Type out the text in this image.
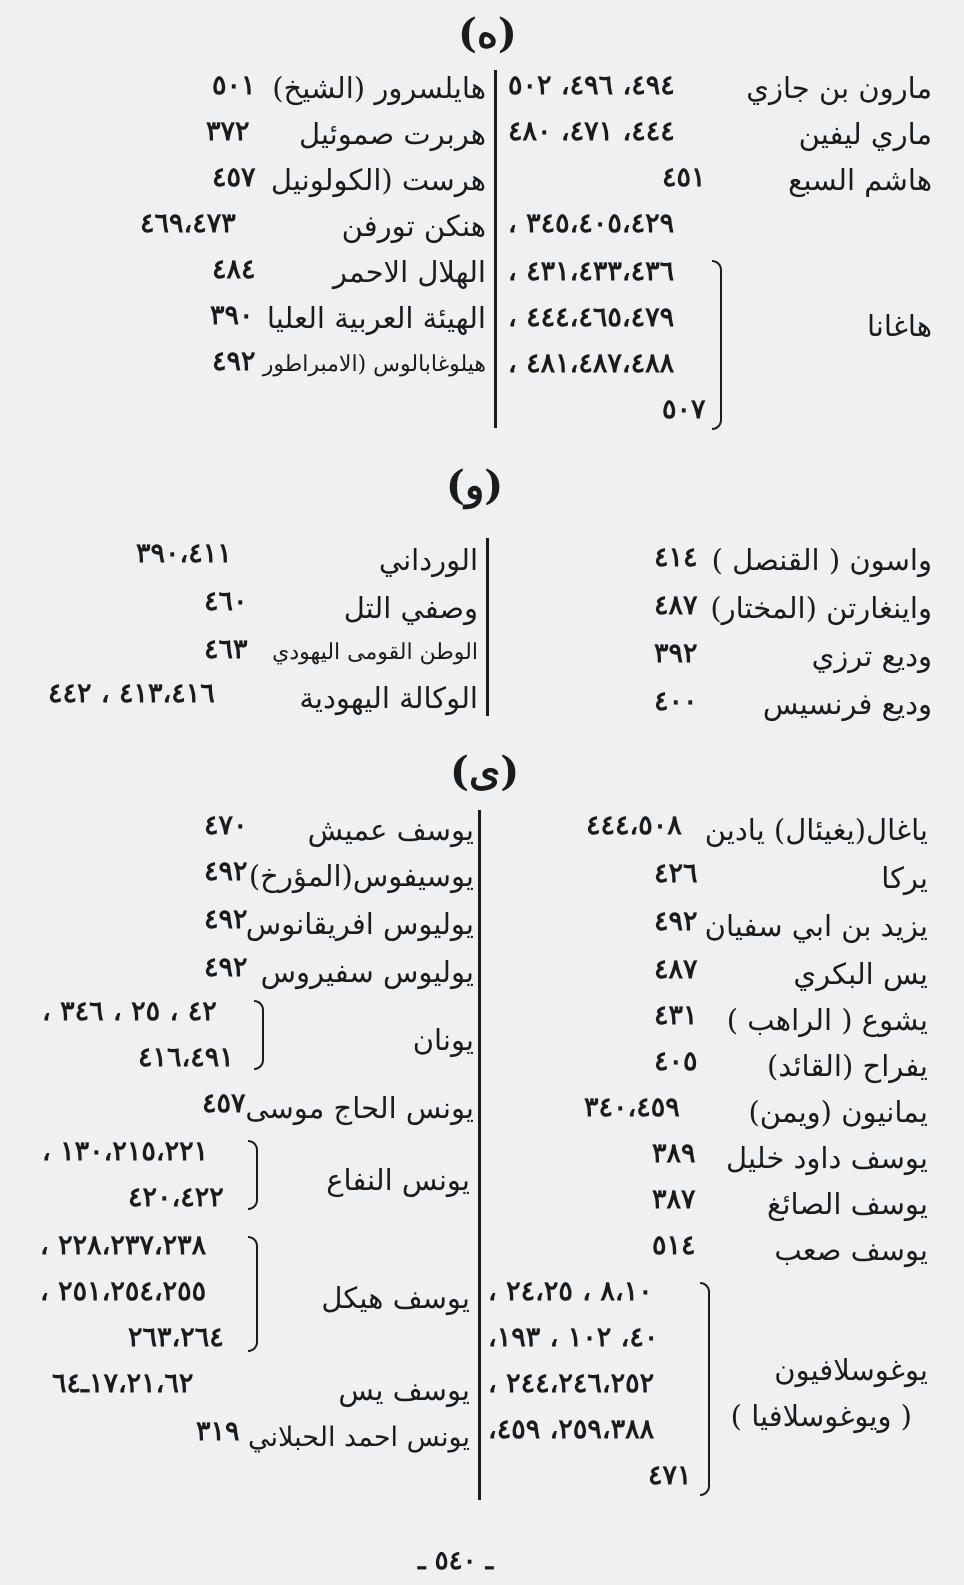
(ه)
مارون بن جازي
٤٩٤، ٤٩٦، ٥٠٢
ماري ليفين
٤٤٤، ٤٧١، ٤٨٠
هاشم السبع
٤٥١
٣٤٥،٤٠٥،٤٢٩ ،
هاغانا
٤٣١،٤٣٣،٤٣٦ ،
٤٤٤،٤٦٥،٤٧٩ ،
٤٨١،٤٨٧،٤٨٨ ،
٥٠٧
هايلسرور (الشيخ)
٥٠١
هربرت صموئيل
٣٧٢
هرست (الكولونيل
٤٥٧
هنكن تورفن
٤٦٩،٤٧٣
الهلال الاحمر
٤٨٤
الهيئة العربية العليا
٣٩٠
هيلوغابالوس (الامبراطور
٤٩٢
(و)
واسون ( القنصل )
٤١٤
واينغارتن (المختار)
٤٨٧
وديع ترزي
٣٩٢
وديع فرنسيس
٤٠٠
الورداني
٣٩٠،٤١١
وصفي التل
٤٦٠
الوطن القومى اليهودي
٤٦٣
الوكالة اليهودية
٤١٣،٤١٦ ، ٤٤٢
(ى)
ياغال(يغيئال) يادين
٤٤٤،٥٠٨
يركا
٤٢٦
يزيد بن ابي سفيان
٤٩٢
يس البكري
٤٨٧
يشوع ( الراهب )
٤٣١
يفراح (القائد)
٤٠٥
يمانيون (ويمن)
٣٤٠،٤٥٩
يوسف داود خليل
٣٨٩
يوسف الصائغ
٣٨٧
يوسف صعب
٥١٤
يوغوسلافيون
( ويوغوسلافيا )
٨،١٠ ، ٢٤،٢٥ ،
٤٠، ١٠٢ ، ١٩٣،
٢٤٤،٢٤٦،٢٥٢ ،
٢٥٩،٣٨٨، ٤٥٩،
٤٧١
يوسف عميش
٤٧٠
يوسيفوس(المؤرخ)
٤٩٢
يوليوس افريقانوس
٤٩٢
يوليوس سفيروس
٤٩٢
يونان
٤٢ ، ٢٥ ، ٣٤٦ ،
٤١٦،٤٩١
يونس الحاج موسى
٤٥٧
يونس النفاع
١٣٠،٢١٥،٢٢١ ،
٤٢٠،٤٢٢
يوسف هيكل
٢٢٨،٢٣٧،٢٣٨ ،
٢٥١،٢٥٤،٢٥٥ ،
٢٦٣،٢٦٤
يوسف يس
١٧،٢١،٦٢ـ٦٤
يونس احمد الحبلاني
٣١٩
ـ ٥٤٠ ـ
